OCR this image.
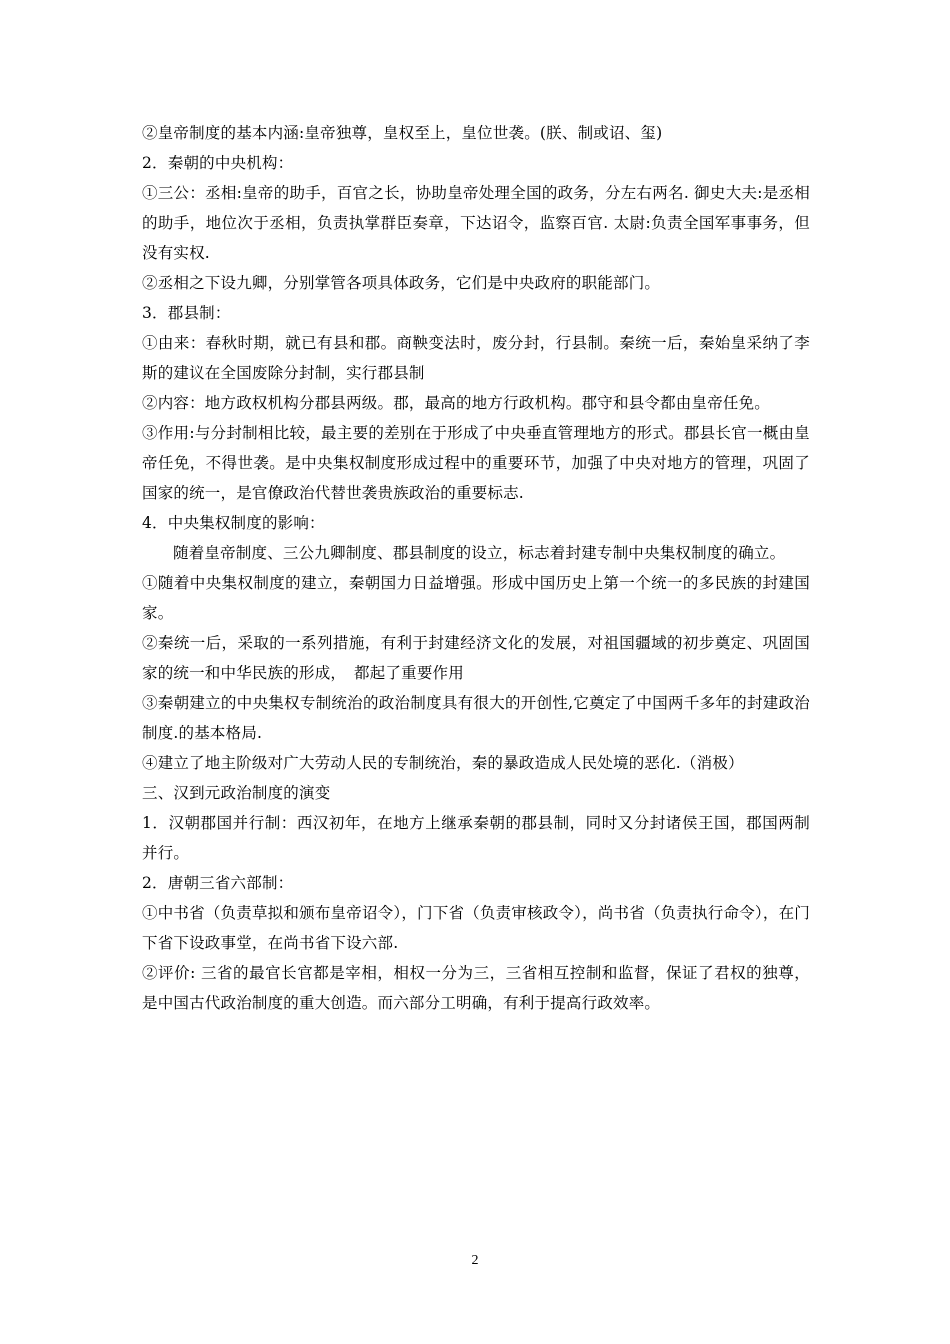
②皇帝制度的基本内涵:皇帝独尊，皇权至上，皇位世袭。(朕、制或诏、玺)

2．秦朝的中央机构：

①三公：丞相:皇帝的助手，百官之长，协助皇帝处理全国的政务，分左右两名. 御史大夫:是丞相的助手，地位次于丞相，负责执掌群臣奏章，下达诏令，监察百官. 太尉:负责全国军事事务，但没有实权.

②丞相之下设九卿，分别掌管各项具体政务，它们是中央政府的职能部门。

3．郡县制：

①由来：春秋时期，就已有县和郡。商鞅变法时，废分封，行县制。秦统一后，秦始皇采纳了李斯的建议在全国废除分封制，实行郡县制

②内容：地方政权机构分郡县两级。郡，最高的地方行政机构。郡守和县令都由皇帝任免。

③作用:与分封制相比较，最主要的差别在于形成了中央垂直管理地方的形式。郡县长官一概由皇帝任免，不得世袭。是中央集权制度形成过程中的重要环节，加强了中央对地方的管理，巩固了国家的统一，是官僚政治代替世袭贵族政治的重要标志.

4．中央集权制度的影响：

随着皇帝制度、三公九卿制度、郡县制度的设立，标志着封建专制中央集权制度的确立。

①随着中央集权制度的建立，秦朝国力日益增强。形成中国历史上第一个统一的多民族的封建国家。

②秦统一后，采取的一系列措施，有利于封建经济文化的发展，对祖国疆域的初步奠定、巩固国家的统一和中华民族的形成，　都起了重要作用

③秦朝建立的中央集权专制统治的政治制度具有很大的开创性,它奠定了中国两千多年的封建政治制度.的基本格局.

④建立了地主阶级对广大劳动人民的专制统治，秦的暴政造成人民处境的恶化.（消极）

三、汉到元政治制度的演变

1．汉朝郡国并行制：西汉初年，在地方上继承秦朝的郡县制，同时又分封诸侯王国，郡国两制并行。

2．唐朝三省六部制：

①中书省（负责草拟和颁布皇帝诏令），门下省（负责审核政令），尚书省（负责执行命令），在门下省下设政事堂，在尚书省下设六部.

②评价: 三省的最官长官都是宰相，相权一分为三，三省相互控制和监督，保证了君权的独尊，是中国古代政治制度的重大创造。而六部分工明确，有利于提高行政效率。

2
